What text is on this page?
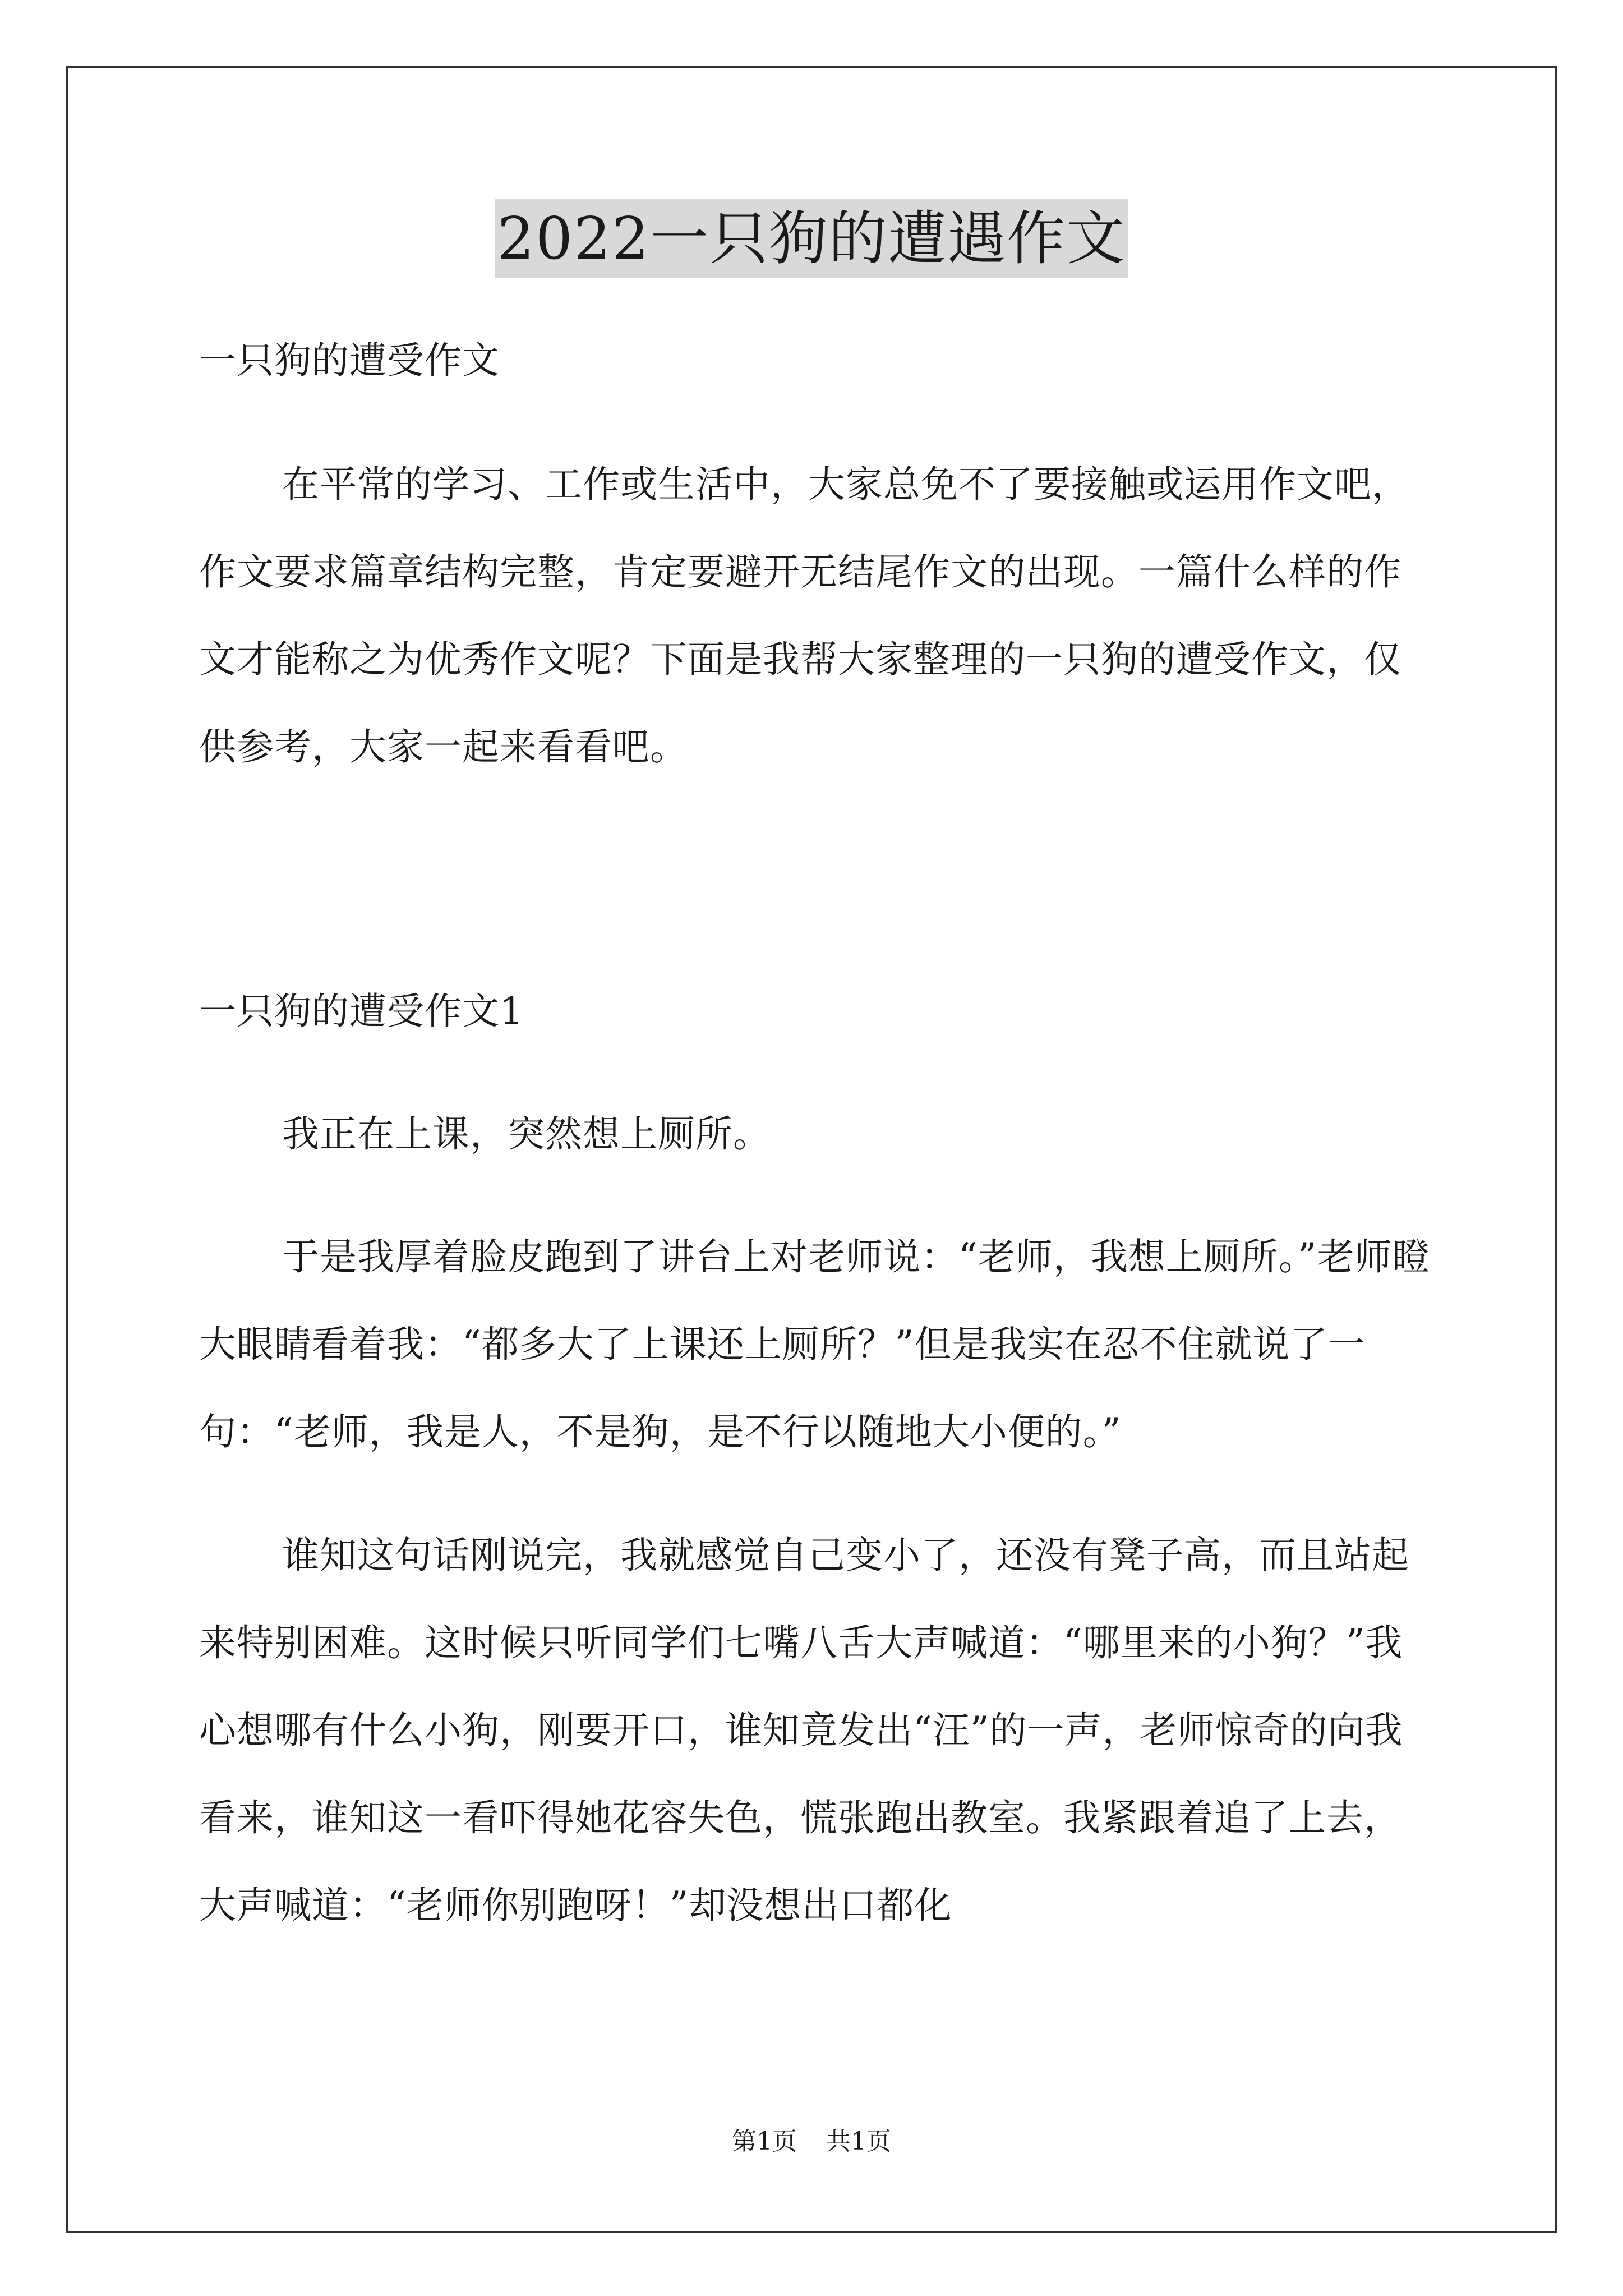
2022一只狗的遭遇作文

一只狗的遭受作文

在平常的学习、工作或生活中，大家总免不了要接触或运用作文吧，作文要求篇章结构完整，肯定要避开无结尾作文的出现。一篇什么样的作文才能称之为优秀作文呢？下面是我帮大家整理的一只狗的遭受作文，仅供参考，大家一起来看看吧。

一只狗的遭受作文1

我正在上课，突然想上厕所。

于是我厚着脸皮跑到了讲台上对老师说：“老师，我想上厕所。”老师瞪大眼睛看着我：“都多大了上课还上厕所？”但是我实在忍不住就说了一句：“老师，我是人，不是狗，是不行以随地大小便的。”

谁知这句话刚说完，我就感觉自己变小了，还没有凳子高，而且站起来特别困难。这时候只听同学们七嘴八舌大声喊道：“哪里来的小狗？”我心想哪有什么小狗，刚要开口，谁知竟发出“汪”的一声，老师惊奇的向我看来，谁知这一看吓得她花容失色，慌张跑出教室。我紧跟着追了上去，大声喊道：“老师你别跑呀！”却没想出口都化

第1页 共1页
